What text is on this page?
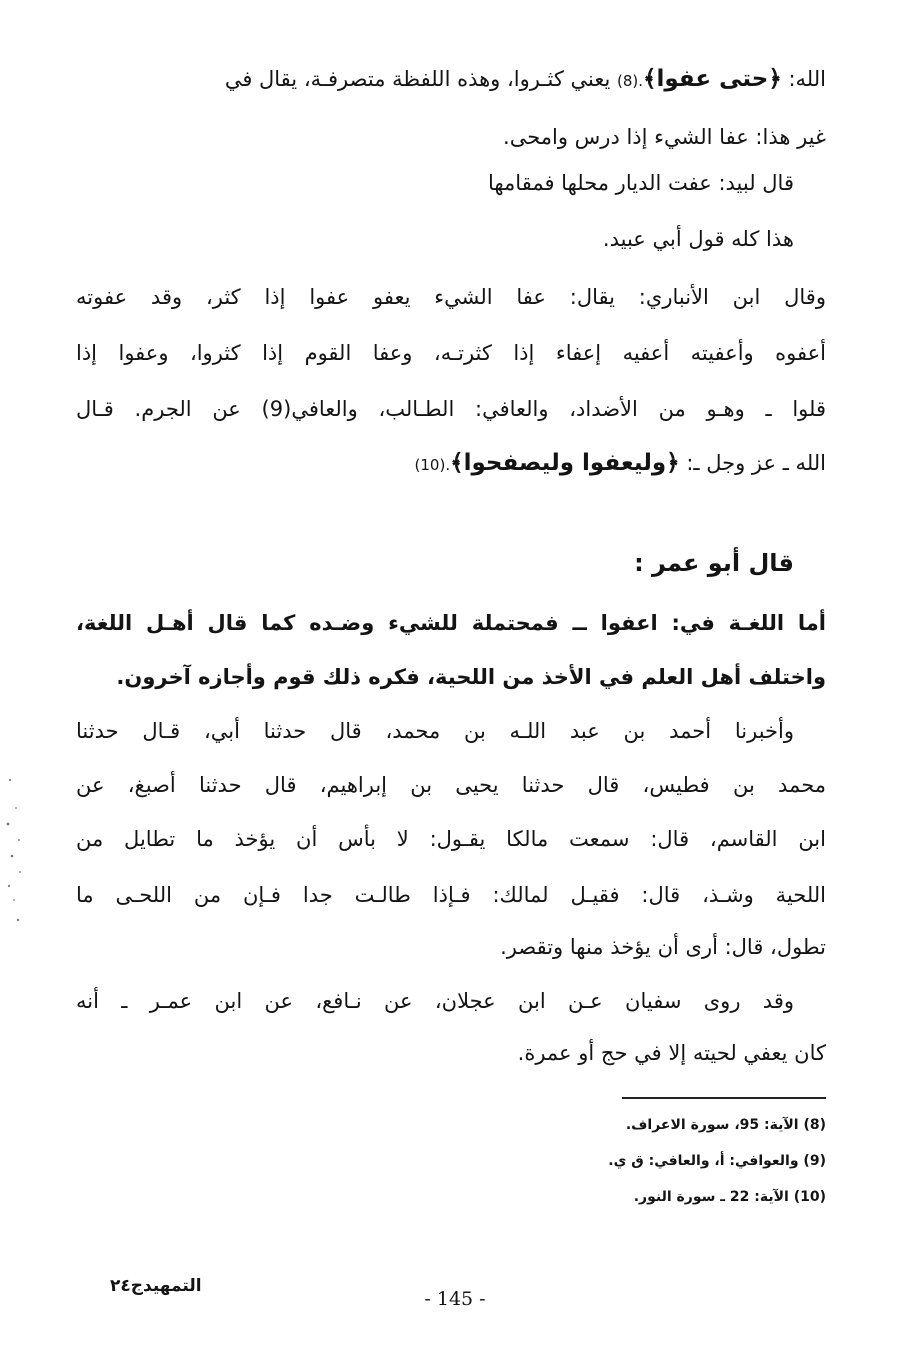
الله: ﴿حتى عفوا﴾.(8) يعني كثـروا، وهذه اللفظة متصرفـة، يقال في
غير هذا: عفا الشيء إذا درس وامحى.
قال لبيد: عفت الديار محلها فمقامها
هذا كله قول أبي عبيد.
وقال ابن الأنباري: يقال: عفا الشيء يعفو عفوا إذا كثر، وقد عفوته
أعفوه وأعفيته أعفيه إعفاء إذا كثرتـه، وعفا القوم إذا كثروا، وعفوا إذا
قلوا ـ وهـو من الأضداد، والعافي: الطـالب، والعافي(9) عن الجرم. قـال
الله ـ عز وجل ـ: ﴿وليعفوا وليصفحوا﴾.(10)
قال أبو عمر :
أما اللغـة في: اعفوا ــ فمحتملة للشيء وضـده كما قال أهـل اللغة،
واختلف أهل العلم في الأخذ من اللحية، فكره ذلك قوم وأجازه آخرون.
وأخبرنا أحمد بن عبد اللـه بن محمد، قال حدثنا أبي، قـال حدثنا
محمد بن فطيس، قال حدثنا يحيى بن إبراهيم، قال حدثنا أصبغ، عن
ابن القاسم، قال: سمعت مالكا يقـول: لا بأس أن يؤخذ ما تطايل من
اللحية وشـذ، قال: فقيـل لمالك: فـإذا طالـت جدا فـإن من اللحـى ما
تطول، قال: أرى أن يؤخذ منها وتقصر.
وقد روى سفيان عـن ابن عجلان، عن نـافع، عن ابن عمـر ـ أنه
كان يعفي لحيته إلا في حج أو عمرة.
(8) الآية: 95، سورة الاعراف.
(9) والعوافي: أ، والعافي: ق ي.
(10) الآية: 22 ـ سورة النور.
التمهيدج٢٤
- 145 -
